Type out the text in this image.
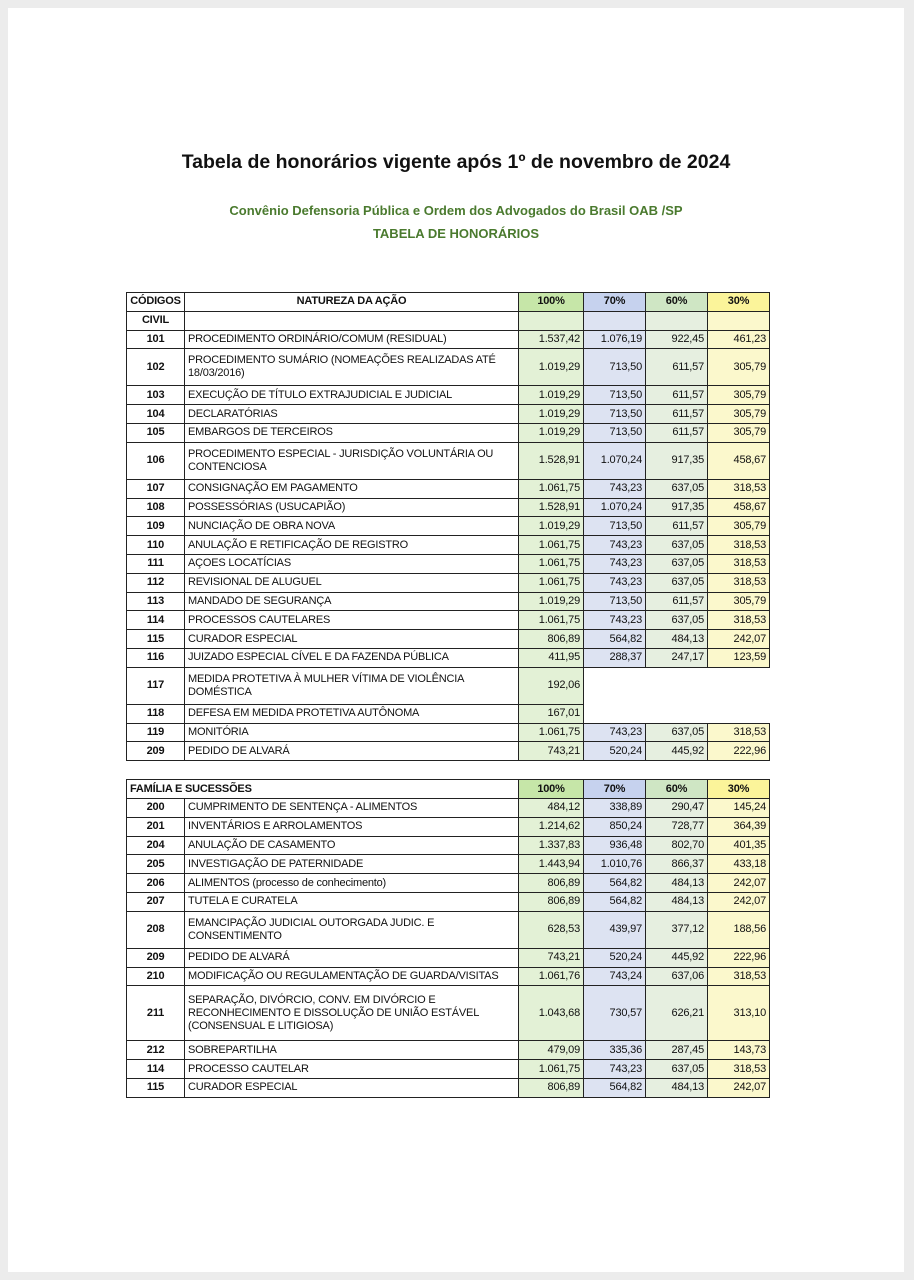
Tabela de honorários vigente após 1º de novembro de 2024
Convênio Defensoria Pública e Ordem dos Advogados do Brasil OAB /SP
TABELA DE HONORÁRIOS
CÓDIGOS	NATUREZA DA AÇÃO	100%	70%	60%	30%
CIVIL					
101	PROCEDIMENTO ORDINÁRIO/COMUM (RESIDUAL)	1.537,42	1.076,19	922,45	461,23
102	PROCEDIMENTO SUMÁRIO (NOMEAÇÕES REALIZADAS ATÉ 18/03/2016)	1.019,29	713,50	611,57	305,79
103	EXECUÇÃO DE TÍTULO EXTRAJUDICIAL E JUDICIAL	1.019,29	713,50	611,57	305,79
104	DECLARATÓRIAS	1.019,29	713,50	611,57	305,79
105	EMBARGOS DE TERCEIROS	1.019,29	713,50	611,57	305,79
106	PROCEDIMENTO ESPECIAL - JURISDIÇÃO VOLUNTÁRIA OU CONTENCIOSA	1.528,91	1.070,24	917,35	458,67
107	CONSIGNAÇÃO EM PAGAMENTO	1.061,75	743,23	637,05	318,53
108	POSSESSÓRIAS (USUCAPIÃO)	1.528,91	1.070,24	917,35	458,67
109	NUNCIAÇÃO DE OBRA NOVA	1.019,29	713,50	611,57	305,79
110	ANULAÇÃO E RETIFICAÇÃO DE REGISTRO	1.061,75	743,23	637,05	318,53
111	AÇOES LOCATÍCIAS	1.061,75	743,23	637,05	318,53
112	REVISIONAL DE ALUGUEL	1.061,75	743,23	637,05	318,53
113	MANDADO DE SEGURANÇA	1.019,29	713,50	611,57	305,79
114	PROCESSOS CAUTELARES	1.061,75	743,23	637,05	318,53
115	CURADOR ESPECIAL	806,89	564,82	484,13	242,07
116	JUIZADO ESPECIAL CÍVEL E DA FAZENDA PÚBLICA	411,95	288,37	247,17	123,59
117	MEDIDA PROTETIVA À MULHER VÍTIMA DE VIOLÊNCIA DOMÉSTICA	192,06			
118	DEFESA EM MEDIDA PROTETIVA AUTÔNOMA	167,01			
119	MONITÓRIA	1.061,75	743,23	637,05	318,53
209	PEDIDO DE ALVARÁ	743,21	520,24	445,92	222,96

FAMÍLIA E SUCESSÕES		100%	70%	60%	30%
200	CUMPRIMENTO DE SENTENÇA - ALIMENTOS	484,12	338,89	290,47	145,24
201	INVENTÁRIOS E ARROLAMENTOS	1.214,62	850,24	728,77	364,39
204	ANULAÇÃO DE CASAMENTO	1.337,83	936,48	802,70	401,35
205	INVESTIGAÇÃO DE PATERNIDADE	1.443,94	1.010,76	866,37	433,18
206	ALIMENTOS (processo de conhecimento)	806,89	564,82	484,13	242,07
207	TUTELA E CURATELA	806,89	564,82	484,13	242,07
208	EMANCIPAÇÃO JUDICIAL OUTORGADA JUDIC. E CONSENTIMENTO	628,53	439,97	377,12	188,56
209	PEDIDO DE ALVARÁ	743,21	520,24	445,92	222,96
210	MODIFICAÇÃO OU REGULAMENTAÇÃO DE GUARDA/VISITAS	1.061,76	743,24	637,06	318,53
211	SEPARAÇÃO, DIVÓRCIO, CONV. EM DIVÓRCIO E RECONHECIMENTO E DISSOLUÇÃO DE UNIÃO ESTÁVEL (CONSENSUAL E LITIGIOSA)	1.043,68	730,57	626,21	313,10
212	SOBREPARTILHA	479,09	335,36	287,45	143,73
114	PROCESSO CAUTELAR	1.061,75	743,23	637,05	318,53
115	CURADOR ESPECIAL	806,89	564,82	484,13	242,07
